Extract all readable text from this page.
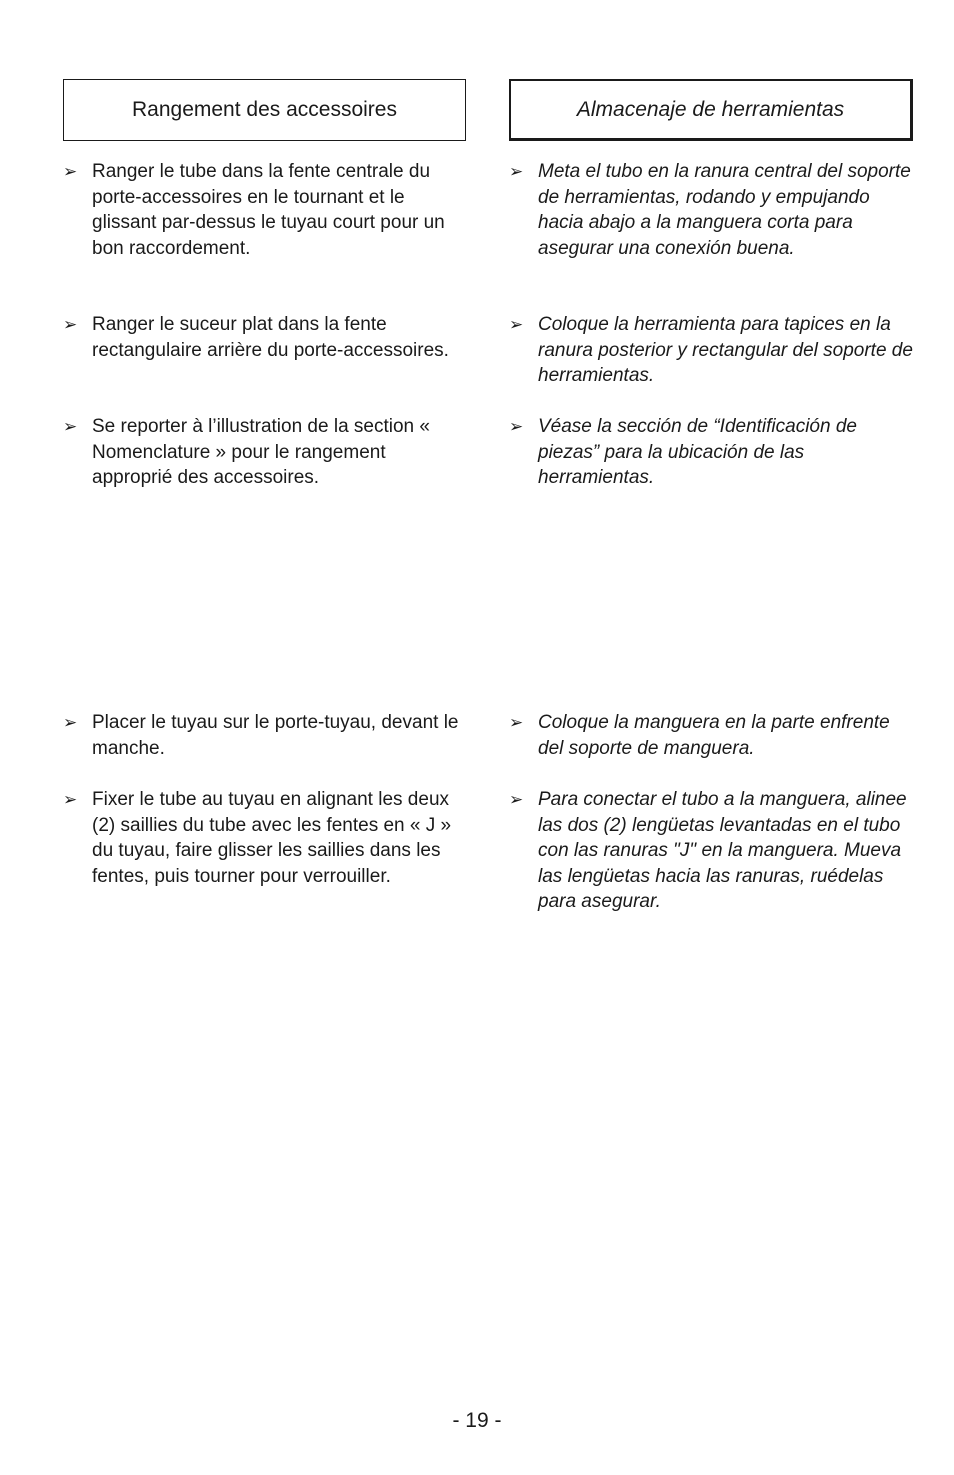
Rangement des accessoires
➢ Ranger le tube dans la fente centrale du porte-accessoires en le tournant et le glissant par-dessus le tuyau court pour un bon raccordement.
➢ Ranger le suceur plat dans la fente rectangulaire arrière du porte-accessoires.
➢ Se reporter à l’illustration de la section « Nomenclature » pour le rangement approprié des accessoires.
➢ Placer le tuyau sur le porte-tuyau, devant le manche.
➢ Fixer le tube au tuyau en alignant les deux (2) saillies du tube avec les fentes en « J » du tuyau, faire glisser les saillies dans les fentes, puis tourner pour verrouiller.
Almacenaje de herramientas
➢ Meta el tubo en la ranura central del soporte de herramientas, rodando y empujando hacia abajo a la manguera corta para asegurar una conexión buena.
➢ Coloque la herramienta para tapices en la ranura posterior y rectangular del soporte de herramientas.
➢ Véase la sección de “Identificación de piezas” para la ubicación de las herramientas.
➢ Coloque la manguera en la parte enfrente del soporte de manguera.
➢ Para conectar el tubo a la manguera, alinee las dos (2) lengüetas levantadas en el tubo con las ranuras "J" en la manguera. Mueva las lengüetas hacia las ranuras, ruédelas para asegurar.
- 19 -
